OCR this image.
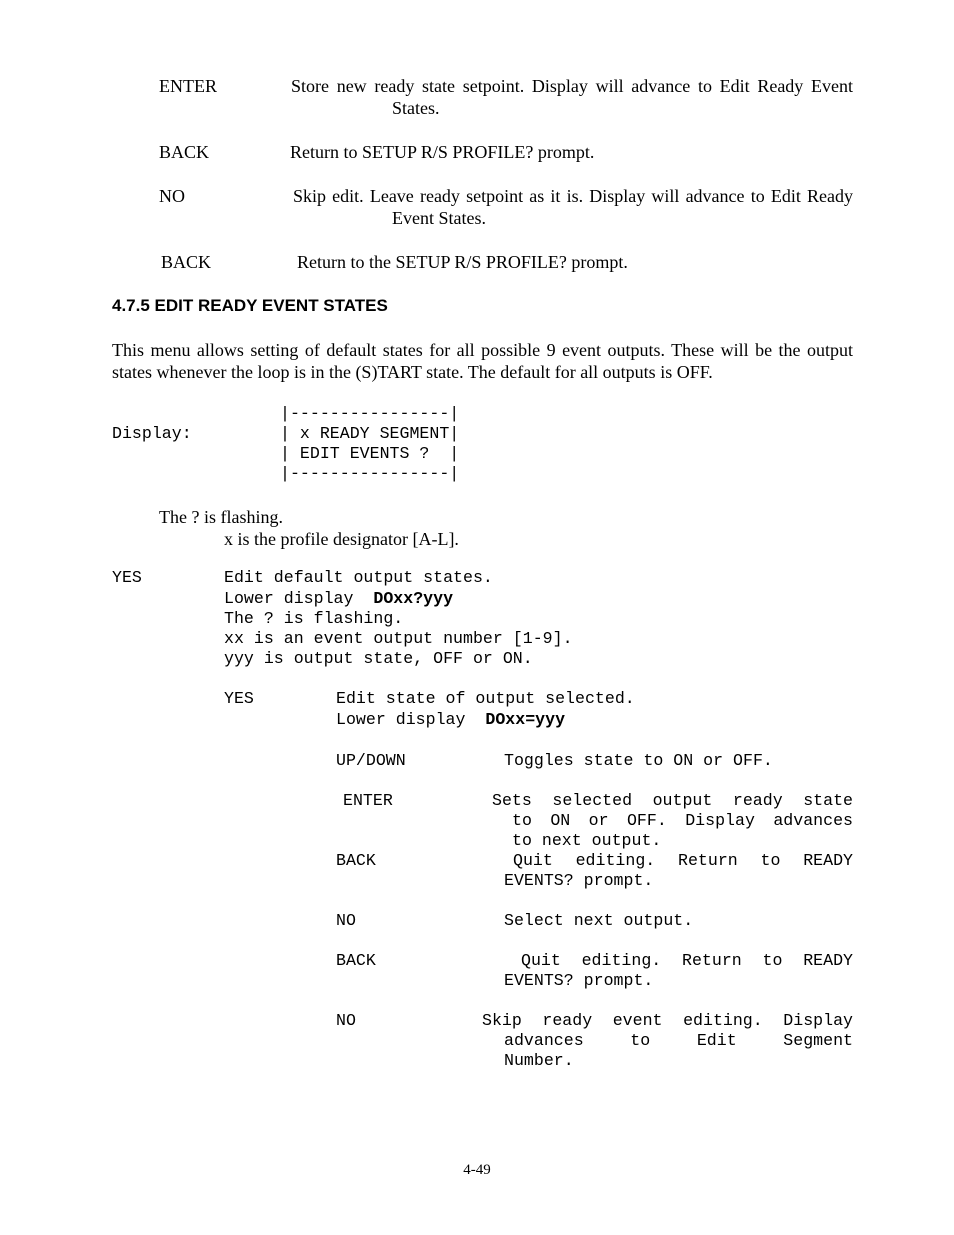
ENTER	Store new ready state setpoint. Display will advance to Edit Ready Event
States.
BACK	Return to SETUP R/S PROFILE? prompt.
NO	Skip edit. Leave ready setpoint as it is. Display will advance to Edit Ready
Event States.
BACK	Return to the SETUP R/S PROFILE? prompt.
4.7.5 EDIT READY EVENT STATES
This menu allows setting of default states for all possible 9 event outputs. These will be the output
states whenever the loop is in the (S)TART state. The default for all outputs is OFF.
Display:
|----------------|
| x READY SEGMENT|
| EDIT EVENTS ?  |
|----------------|
The ? is flashing.
x is the profile designator [A-L].
YES	Edit default output states.
Lower display  DOxx?yyy
The ? is flashing.
xx is an event output number [1-9].
yyy is output state, OFF or ON.
YES	Edit state of output selected.
Lower display  DOxx=yyy
UP/DOWN	Toggles state to ON or OFF.
ENTER	Sets selected output ready state
to ON or OFF. Display advances
to next output.
BACK	Quit editing. Return to READY
EVENTS? prompt.
NO	Select next output.
BACK	Quit editing. Return to READY
EVENTS? prompt.
NO	Skip ready event editing. Display
advances to Edit Segment
Number.
4-49
